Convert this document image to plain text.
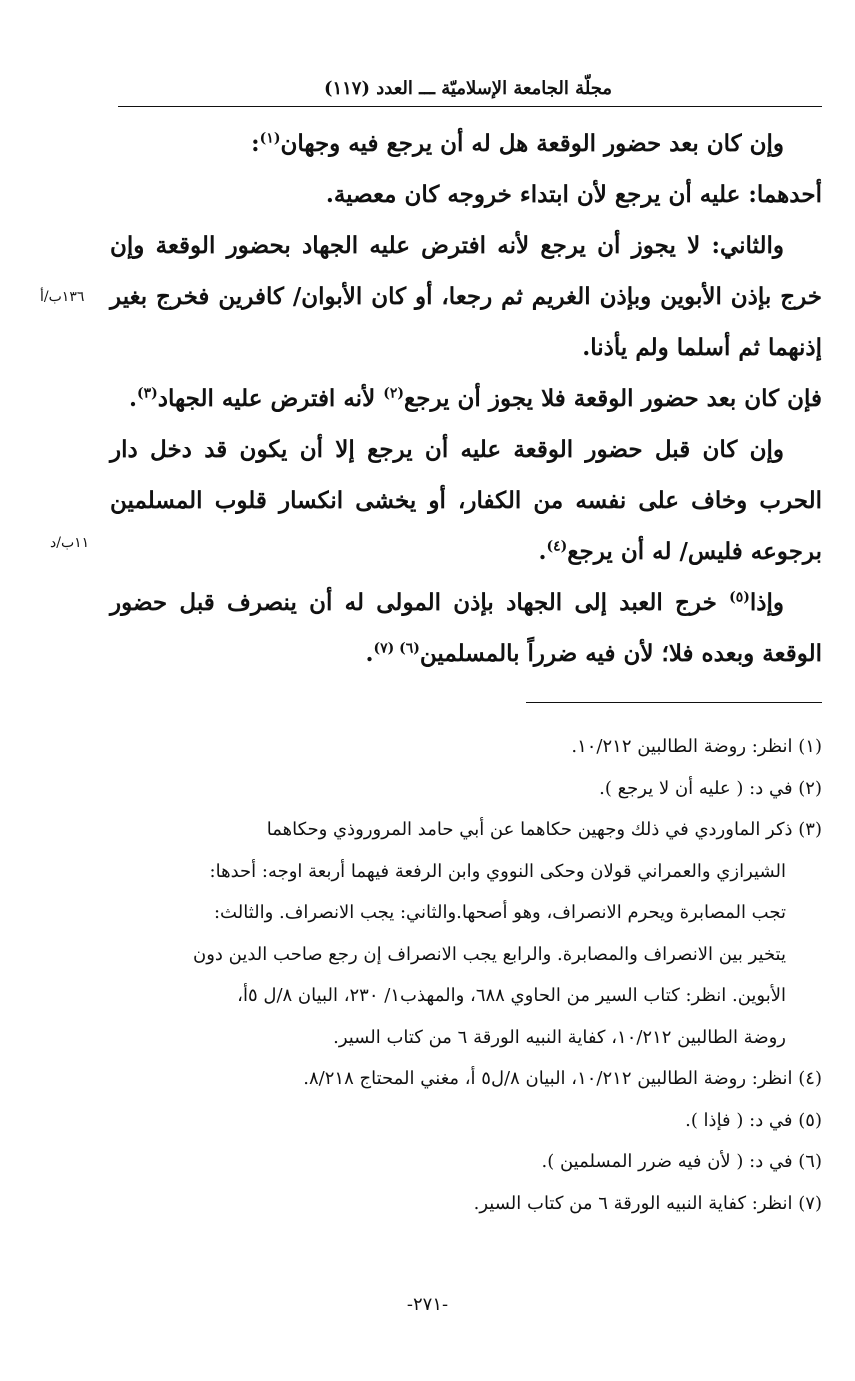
مجلّة الجامعة الإسلاميّة ـــ العدد (١١٧)

وإن كان بعد حضور الوقعة هل له أن يرجع فيه وجهان$^{(١)}$:

أحدهما: عليه أن يرجع لأن ابتداء خروجه كان معصية.

والثاني: لا يجوز أن يرجع لأنه افترض عليه الجهاد بحضور الوقعة وإن خرج بإذن الأبوين وبإذن الغريم ثم رجعا، أو كان الأبوان/ كافرين فخرج بغير إذنهما ثم أسلما ولم يأذنا.

فإن كان بعد حضور الوقعة فلا يجوز أن يرجع$^{(٢)}$ لأنه افترض عليه الجهاد$^{(٣)}$.

وإن كان قبل حضور الوقعة عليه أن يرجع إلا أن يكون قد دخل دار الحرب وخاف على نفسه من الكفار، أو يخشى انكسار قلوب المسلمين برجوعه فليس/ له أن يرجع$^{(٤)}$.

وإذا$^{(٥)}$ خرج العبد إلى الجهاد بإذن المولى له أن ينصرف قبل حضور الوقعة وبعده فلا؛ لأن فيه ضرراً بالمسلمين$^{(٦)}$ $^{(٧)}$.

١٣٦ب/أ
١١ب/د

(١) انظر: روضة الطالبين ١٠/٢١٢.

(٢) في د: ( عليه أن لا يرجع ).

(٣) ذكر الماوردي في ذلك وجهين حكاهما عن أبي حامد المروروذي وحكاهما

الشيرازي والعمراني قولان وحكى النووي وابن الرفعة فيهما أربعة اوجه: أحدها:

تجب المصابرة ويحرم الانصراف، وهو أصحها.والثاني: يجب الانصراف. والثالث:

يتخير بين الانصراف والمصابرة. والرابع يجب الانصراف إن رجع صاحب الدين دون

الأبوين. انظر: كتاب السير من الحاوي ٦٨٨، والمهذب١/ ٢٣٠، البيان ٨/ل ٥أ،

روضة الطالبين ١٠/٢١٢، كفاية النبيه الورقة ٦ من كتاب السير.

(٤) انظر: روضة الطالبين ١٠/٢١٢، البيان ٨/ل٥ أ، مغني المحتاج ٨/٢١٨.

(٥) في د: ( فإذا ).

(٦) في د: ( لأن فيه ضرر المسلمين ).

(٧) انظر: كفاية النبيه الورقة ٦ من كتاب السير.

-٢٧١-
